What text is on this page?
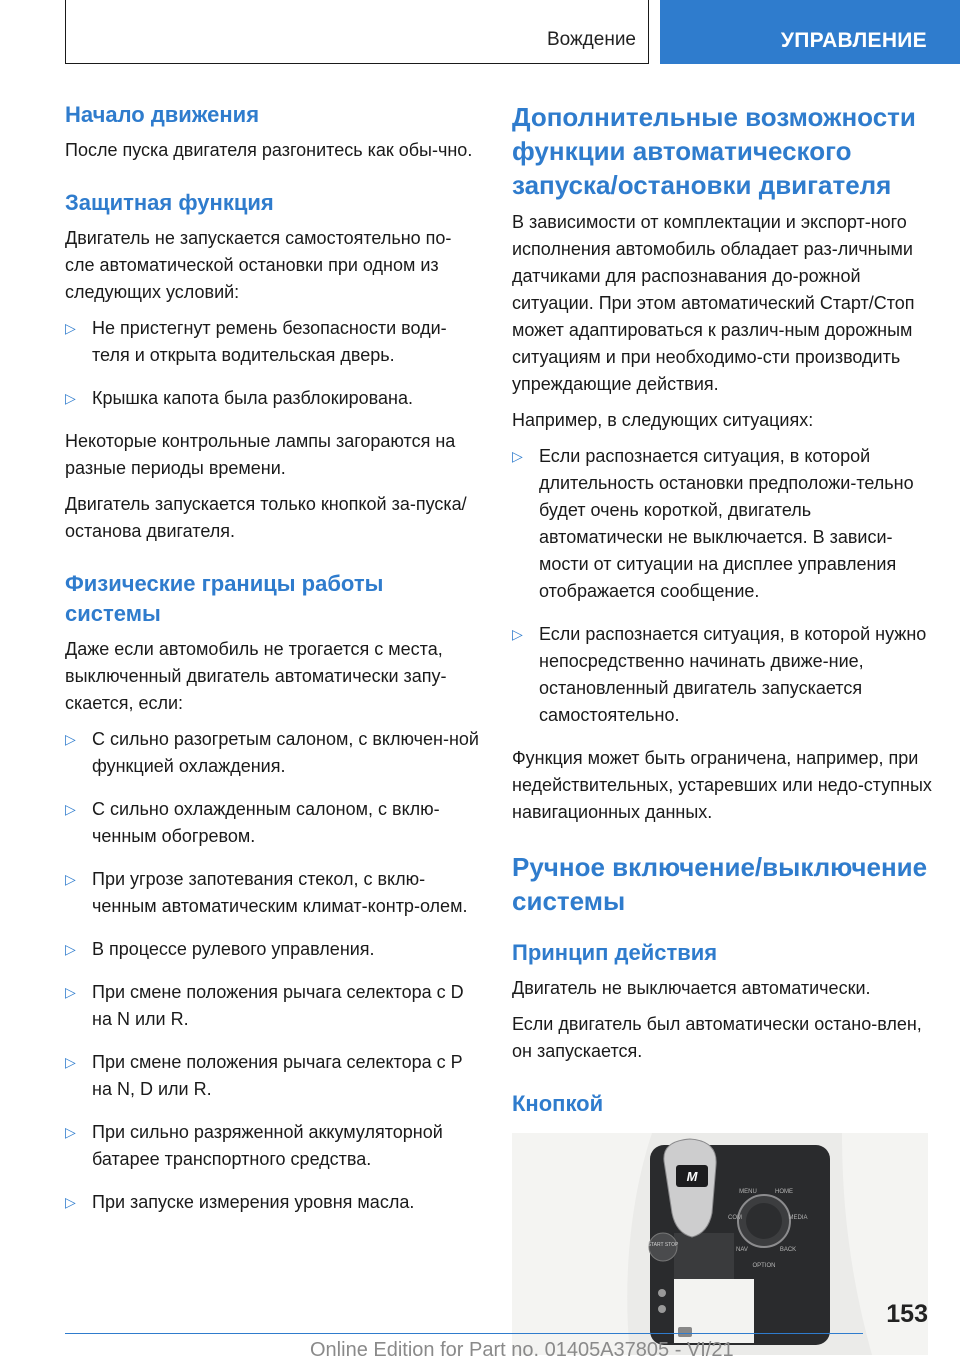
Вождение	УПРАВЛЕНИЕ
Начало движения

После пуска двигателя разгонитесь как обы-чно.

Защитная функция

Двигатель не запускается самостоятельно по-сле автоматической остановки при одном из следующих условий:

▷ Не пристегнут ремень безопасности води-теля и открыта водительская дверь.
▷ Крышка капота была разблокирована.

Некоторые контрольные лампы загораются на разные периоды времени.

Двигатель запускается только кнопкой за-пуска/останова двигателя.

Физические границы работы системы

Даже если автомобиль не трогается с места, выключенный двигатель автоматически запу-скается, если:

▷ С сильно разогретым салоном, с включен-ной функцией охлаждения.
▷ С сильно охлажденным салоном, с вклю-ченным обогревом.
▷ При угрозе запотевания стекол, с вклю-ченным автоматическим климат-контр-олем.
▷ В процессе рулевого управления.
▷ При смене положения рычага селектора с D на N или R.
▷ При смене положения рычага селектора с P на N, D или R.
▷ При сильно разряженной аккумуляторной батарее транспортного средства.
▷ При запуске измерения уровня масла.
Дополнительные возможности функции автоматического запуска/остановки двигателя

В зависимости от комплектации и экспорт-ного исполнения автомобиль обладает раз-личными датчиками для распознавания до-рожной ситуации. При этом автоматический Старт/Стоп может адаптироваться к различ-ным дорожным ситуациям и при необходимо-сти производить упреждающие действия.

Например, в следующих ситуациях:

▷ Если распознается ситуация, в которой длительность остановки предположи-тельно будет очень короткой, двигатель автоматически не выключается. В зависи-мости от ситуации на дисплее управления отображается сообщение.
▷ Если распознается ситуация, в которой нужно непосредственно начинать движе-ние, остановленный двигатель запускается самостоятельно.

Функция может быть ограничена, например, при недействительных, устаревших или недо-ступных навигационных данных.

Ручное включение/выключение системы
Принцип действия

Двигатель не выключается автоматически.

Если двигатель был автоматически остано-влен, он запускается.

Кнопкой
M
START STOP
MENU	HOME
COM	MEDIA
NAV	BACK
OPTION
153
Online Edition for Part no. 01405A37805 - VI/21
